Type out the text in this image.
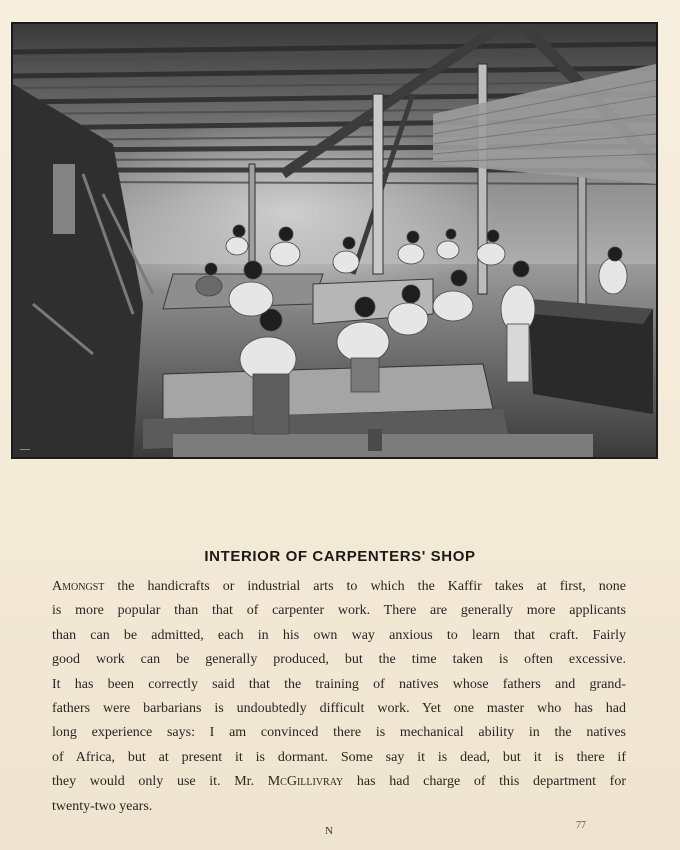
⎯⎯⎯⎯
INTERIOR OF CARPENTERS' SHOP
Amongst the handicrafts or industrial arts to which the Kaffir takes at first, none
is more popular than that of carpenter work. There are generally more applicants
than can be admitted, each in his own way anxious to learn that craft. Fairly
good work can be generally produced, but the time taken is often excessive.
It has been correctly said that the training of natives whose fathers and grand-
fathers were barbarians is undoubtedly difficult work. Yet one master who has had
long experience says: I am convinced there is mechanical ability in the natives
of Africa, but at present it is dormant. Some say it is dead, but it is there if
they would only use it. Mr. McGillivray has had charge of this department for
twenty-two years.
N	77
